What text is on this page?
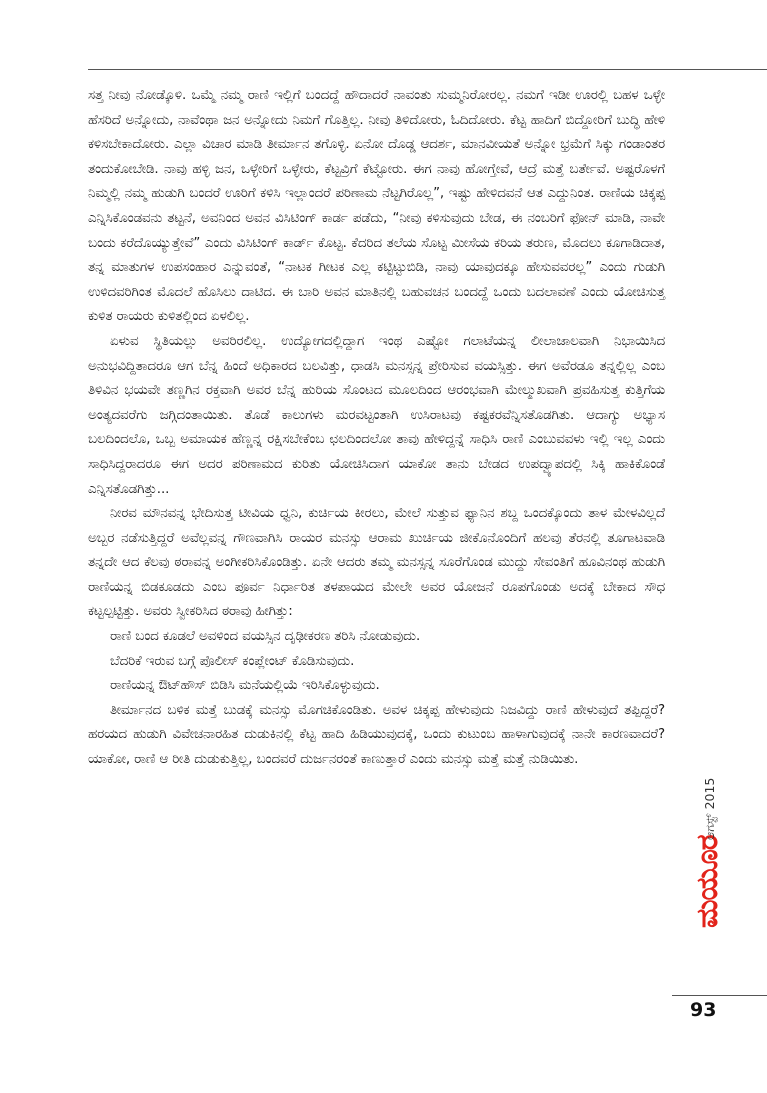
ಸತ್ತ ನೀವು ನೋಡ್ಕೊಳಿ. ಒಮ್ಮೆ ನಮ್ಮ ರಾಣಿ ಇಲ್ಲಿಗೆ ಬಂದದ್ದೆ ಹೌದಾದರೆ ನಾವಂತು ಸುಮ್ಮನಿರೋರಲ್ಲ. ನಮಗೆ ಇಡೀ ಊರಲ್ಲಿ ಬಹಳ ಒಳ್ಳೇ ಹೆಸರಿದೆ ಅನ್ನೋದು, ನಾವೆಂಥಾ ಜನ ಅನ್ನೋದು ನಿಮಗೆ ಗೊತ್ತಿಲ್ಲ. ನೀವು ತಿಳಿದೋರು, ಓದಿದೋರು. ಕೆಟ್ಟ ಹಾದಿಗೆ ಬಿದ್ದೋರಿಗೆ ಬುದ್ಧಿ ಹೇಳಿ ಕಳಿಸಬೇಕಾದೋರು. ಎಲ್ಲಾ ವಿಚಾರ ಮಾಡಿ ತೀರ್ಮಾನ ತಗೊಳ್ಳಿ. ಏನೋ ದೊಡ್ಡ ಆದರ್ಶ, ಮಾನವೀಯತೆ ಅನ್ನೋ ಭ್ರಮೆಗೆ ಸಿಕ್ಕು ಗಂಡಾಂತರ ತಂದುಕೋಬೇಡಿ. ನಾವು ಹಳ್ಳಿ ಜನ, ಒಳ್ಳೇರಿಗೆ ಒಳ್ಳೇರು, ಕೆಟ್ಟವ್ರಿಗೆ ಕೆಟ್ಟೋರು. ಈಗ ನಾವು ಹೋಗ್ತೇವೆ, ಆದ್ರೆ ಮತ್ತೆ ಬರ್ತೇವೆ. ಅಷ್ಟರೊಳಗೆ ನಿಮ್ಮಲ್ಲಿ ನಮ್ಮ ಹುಡುಗಿ ಬಂದರೆ ಊರಿಗೆ ಕಳಿಸಿ ಇಲ್ಲಾಂದರೆ ಪರಿಣಾಮ ನೆಟ್ಟಗಿರೊಲ್ಲ”, ಇಷ್ಟು ಹೇಳಿದವನೆ ಆತ ಎದ್ದುನಿಂತ. ರಾಣಿಯ ಚಿಕ್ಕಪ್ಪ ಎನ್ನಿಸಿಕೊಂಡವನು ತಟ್ಟನೆ, ಅವನಿಂದ ಅವನ ವಿಸಿಟಿಂಗ್ ಕಾರ್ಡ ಪಡೆದು, “ನೀವು ಕಳಿಸುವುದು ಬೇಡ, ಈ ನಂಬರಿಗೆ ಫೋನ್ ಮಾಡಿ, ನಾವೇ ಬಂದು ಕರೆದೊಯ್ಯುತ್ತೇವೆ” ಎಂದು ವಿಸಿಟಿಂಗ್ ಕಾರ್ಡ್ ಕೊಟ್ಟ. ಕೆದರಿದ ತಲೆಯ ಸೊಟ್ಟ ಮೀಸೆಯ ಕರಿಯ ತರುಣ, ಮೊದಲು ಕೂಗಾಡಿದಾತ, ತನ್ನ ಮಾತುಗಳ ಉಪಸಂಹಾರ ಎನ್ನುವಂತೆ, “ನಾಟಕ ಗೀಟಕ ಎಲ್ಲ ಕಟ್ಟಿಟ್ಟುಬಿಡಿ, ನಾವು ಯಾವುದಕ್ಕೂ ಹೇಸುವವರಲ್ಲ” ಎಂದು ಗುಡುಗಿ ಉಳಿದವರಿಗಿಂತ ಮೊದಲೆ ಹೊಸಿಲು ದಾಟಿದ. ಈ ಬಾರಿ ಅವನ ಮಾತಿನಲ್ಲಿ ಬಹುವಚನ ಬಂದದ್ದೆ ಒಂದು ಬದಲಾವಣೆ ಎಂದು ಯೋಚಿಸುತ್ತ ಕುಳಿತ ರಾಯರು ಕುಳಿತಲ್ಲಿಂದ ಏಳಲಿಲ್ಲ.

ಏಳುವ ಸ್ಥಿತಿಯಲ್ಲು ಅವರಿರಲಿಲ್ಲ. ಉದ್ಯೋಗದಲ್ಲಿದ್ದಾಗ ಇಂಥ ಎಷ್ಟೋ ಗಲಾಟೆಯನ್ನ ಲೀಲಾಜಾಲವಾಗಿ ನಿಭಾಯಿಸಿದ ಅನುಭವಿದ್ದಿತಾದರೂ ಆಗ ಬೆನ್ನ ಹಿಂದೆ ಅಧಿಕಾರದ ಬಲವಿತ್ತು, ಧಾಡಸಿ ಮನಸ್ಸನ್ನ ಪ್ರೇರಿಸುವ ವಯಸ್ಸಿತ್ತು. ಈಗ ಅವೆರಡೂ ತನ್ನಲ್ಲಿಲ್ಲ ಎಂಬ ತಿಳಿವಿನ ಭಯವೇ ತಣ್ಣಗಿನ ರಕ್ತವಾಗಿ ಅವರ ಬೆನ್ನ ಹುರಿಯ ಸೊಂಟದ ಮೂಲದಿಂದ ಆರಂಭವಾಗಿ ಮೇಲ್ಮುಖವಾಗಿ ಪ್ರವಹಿಸುತ್ತ ಕುತ್ತಿಗೆಯ ಅಂತ್ಯದವರೆಗು ಜಗ್ಗಿದಂತಾಯಿತು. ತೊಡೆ ಕಾಲುಗಳು ಮರವಟ್ಟಂತಾಗಿ ಉಸಿರಾಟವು ಕಷ್ಟಕರವೆನ್ನಿಸತೊಡಗಿತು. ಆದಾಗ್ಯು ಅಭ್ಯಾಸ ಬಲದಿಂದಲೊ, ಒಬ್ಬ ಅಮಾಯಕ ಹೆಣ್ಣನ್ನ ರಕ್ಷಿಸಬೇಕೆಂಬ ಛಲದಿಂದಲೋ ತಾವು ಹೇಳಿದ್ದನ್ನೆ ಸಾಧಿಸಿ ರಾಣಿ ಎಂಬುವವಳು ಇಲ್ಲಿ ಇಲ್ಲ ಎಂದು ಸಾಧಿಸಿದ್ದರಾದರೂ ಈಗ ಅದರ ಪರಿಣಾಮದ ಕುರಿತು ಯೋಚಿಸಿದಾಗ ಯಾಕೋ ತಾನು ಬೇಡದ ಉಪದ್ವ್ಯಾಪದಲ್ಲಿ ಸಿಕ್ಕಿ ಹಾಕಿಕೊಂಡೆ ಎನ್ನಿಸತೊಡಗಿತ್ತು...

ನೀರವ ಮೌನವನ್ನ ಭೇದಿಸುತ್ತ ಟೀವಿಯ ಧ್ವನಿ, ಕುರ್ಚಿಯ ಕೀರಲು, ಮೇಲೆ ಸುತ್ತುವ ಫ್ಯಾನಿನ ಶಬ್ದ ಒಂದಕ್ಕೊಂದು ತಾಳ ಮೇಳವಿಲ್ಲದೆ ಅಬ್ಬರ ನಡೆಸುತ್ತಿದ್ದರೆ ಅವೆಲ್ಲವನ್ನ ಗೌಣವಾಗಿಸಿ ರಾಯರ ಮನಸ್ಸು ಆರಾಮ ಖುರ್ಚಿಯ ಜೀಕೊನೊಂದಿಗೆ ಹಲವು ತೆರನಲ್ಲಿ ತೂಗಾಟವಾಡಿ ತನ್ನದೇ ಆದ ಕೆಲವು ಠರಾವನ್ನ ಅಂಗೀಕರಿಸಿಕೊಂಡಿತ್ತು. ಏನೇ ಆದರು ತಮ್ಮ ಮನಸ್ಸನ್ನ ಸೂರೆಗೊಂಡ ಮುದ್ದು ಸೇವಂತಿಗೆ ಹೂವಿನಂಥ ಹುಡುಗಿ ರಾಣಿಯನ್ನ ಬಿಡಕೂಡದು ಎಂಬ ಪೂರ್ವ ನಿರ್ಧಾರಿತ ತಳಪಾಯದ ಮೇಲೇ ಅವರ ಯೋಜನೆ ರೂಪಗೊಂಡು ಅದಕ್ಕೆ ಬೇಕಾದ ಸೌಧ ಕಟ್ಟಲ್ಪಟ್ಟಿತ್ತು. ಅವರು ಸ್ವೀಕರಿಸಿದ ಠರಾವು ಹೀಗಿತ್ತು:

ರಾಣಿ ಬಂದ ಕೂಡಲೆ ಅವಳಿಂದ ವಯಸ್ಸಿನ ದೃಢೀಕರಣ ತರಿಸಿ ನೋಡುವುದು.

ಬೆದರಿಕೆ ಇರುವ ಬಗ್ಗೆ ಪೊಲೀಸ್ ಕಂಪ್ಲೇಂಟ್ ಕೊಡಿಸುವುದು.

ರಾಣಿಯನ್ನ ಔಟ್‌ಹೌಸ್ ಬಿಡಿಸಿ ಮನೆಯಲ್ಲಿಯೆ ಇರಿಸಿಕೊಳ್ಳುವುದು.

ತೀರ್ಮಾನದ ಬಳಿಕ ಮತ್ತೆ ಬುಡಕ್ಕೆ ಮನಸ್ಸು ಮೊಗಚಿಕೊಂಡಿತು. ಅವಳ ಚಿಕ್ಕಪ್ಪ ಹೇಳುವುದು ನಿಜವಿದ್ದು ರಾಣಿ ಹೇಳುವುದೆ ತಪ್ಪಿದ್ದರೆ? ಹರಯದ ಹುಡುಗಿ ವಿವೇಚನಾರಹಿತ ದುಡುಕಿನಲ್ಲಿ ಕೆಟ್ಟ ಹಾದಿ ಹಿಡಿಯುವುದಕ್ಕೆ, ಒಂದು ಕುಟುಂಬ ಹಾಳಾಗುವುದಕ್ಕೆ ನಾನೇ ಕಾರಣವಾದರೆ? ಯಾಕೋ, ರಾಣಿ ಆ ರೀತಿ ದುಡುಕುತ್ತಿಲ್ಲ, ಬಂದವರೆ ದುರ್ಜನರಂತೆ ಕಾಣುತ್ತಾರೆ ಎಂದು ಮನಸ್ಸು ಮತ್ತೆ ಮತ್ತೆ ನುಡಿಯಿತು.

ಮಯೂರ
ಆಗಸ್ಟ್ 2015
93
